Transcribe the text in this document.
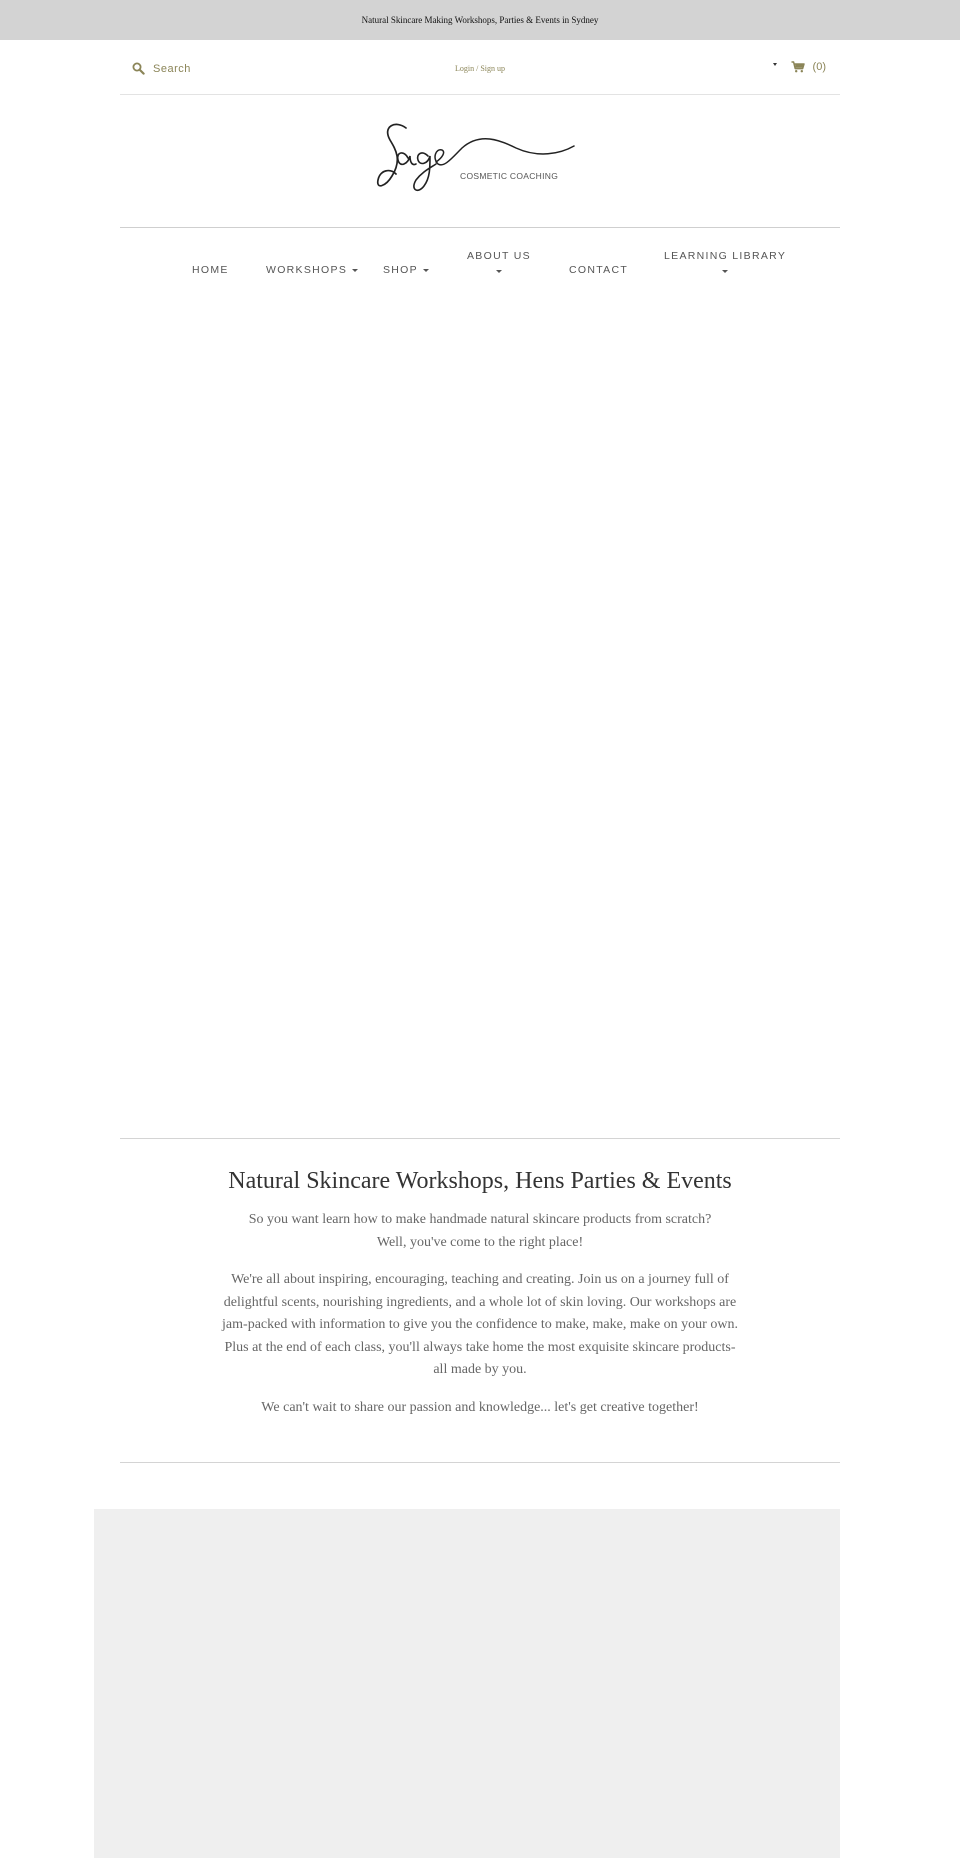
Natural Skincare Making Workshops, Parties & Events in Sydney
Search
Login / Sign up	(0)
COSMETIC COACHING
HOME	WORKSHOPS	SHOP
ABOUT US
CONTACT
LEARNING LIBRARY
Natural Skincare Workshops, Hens Parties & Events

So you want learn how to make handmade natural skincare products from scratch?
Well, you've come to the right place!

We're all about inspiring, encouraging, teaching and creating. Join us on a journey full of delightful scents, nourishing ingredients, and a whole lot of skin loving. Our workshops are jam-packed with information to give you the confidence to make, make, make on your own. Plus at the end of each class, you'll always take home the most exquisite skincare products- all made by you.

We can't wait to share our passion and knowledge... let's get creative together!
